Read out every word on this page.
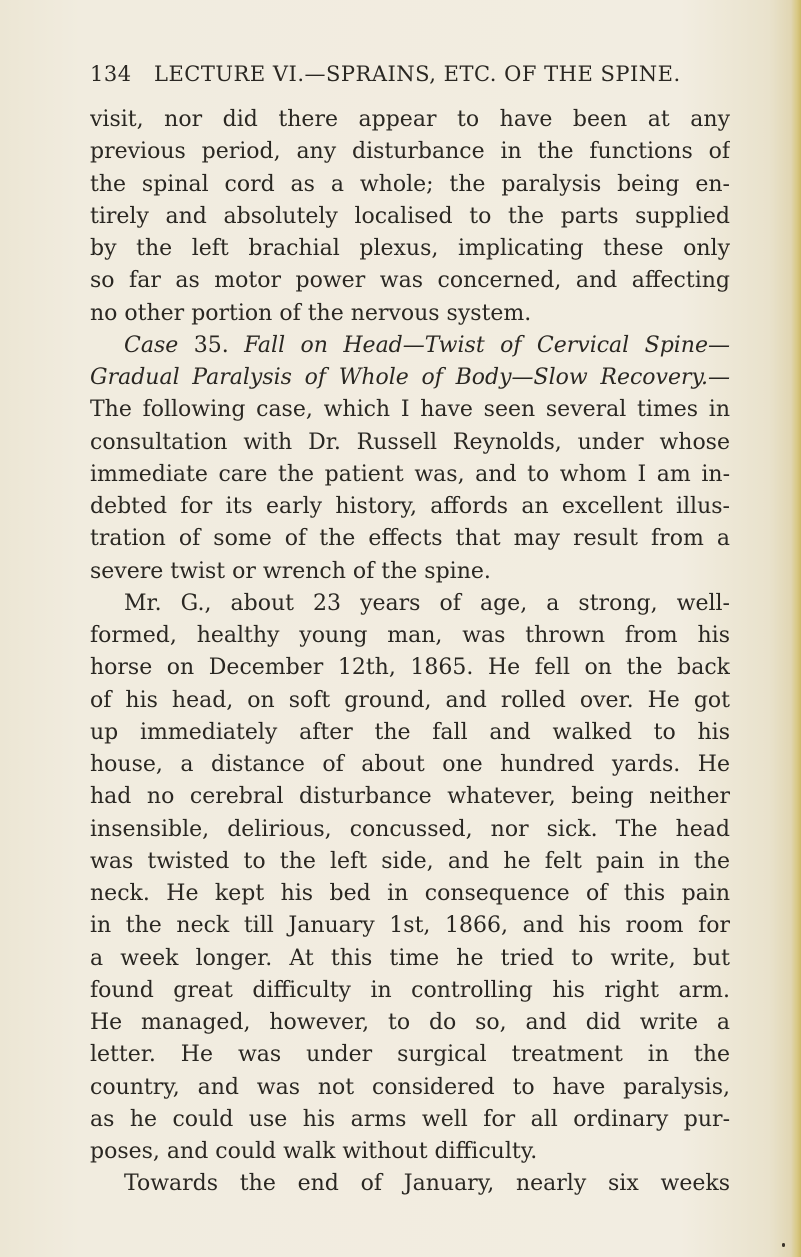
134 LECTURE VI.—SPRAINS, ETC. OF THE SPINE.
visit, nor did there appear to have been at any
previous period, any disturbance in the functions of
the spinal cord as a whole; the paralysis being en-
tirely and absolutely localised to the parts supplied
by the left brachial plexus, implicating these only
so far as motor power was concerned, and affecting
no other portion of the nervous system.
Case 35. Fall on Head—Twist of Cervical Spine—
Gradual Paralysis of Whole of Body—Slow Recovery.—
The following case, which I have seen several times in
consultation with Dr. Russell Reynolds, under whose
immediate care the patient was, and to whom I am in-
debted for its early history, affords an excellent illus-
tration of some of the effects that may result from a
severe twist or wrench of the spine.
Mr. G., about 23 years of age, a strong, well-
formed, healthy young man, was thrown from his
horse on December 12th, 1865. He fell on the back
of his head, on soft ground, and rolled over. He got
up immediately after the fall and walked to his
house, a distance of about one hundred yards. He
had no cerebral disturbance whatever, being neither
insensible, delirious, concussed, nor sick. The head
was twisted to the left side, and he felt pain in the
neck. He kept his bed in consequence of this pain
in the neck till January 1st, 1866, and his room for
a week longer. At this time he tried to write, but
found great difficulty in controlling his right arm.
He managed, however, to do so, and did write a
letter. He was under surgical treatment in the
country, and was not considered to have paralysis,
as he could use his arms well for all ordinary pur-
poses, and could walk without difficulty.
Towards the end of January, nearly six weeks
